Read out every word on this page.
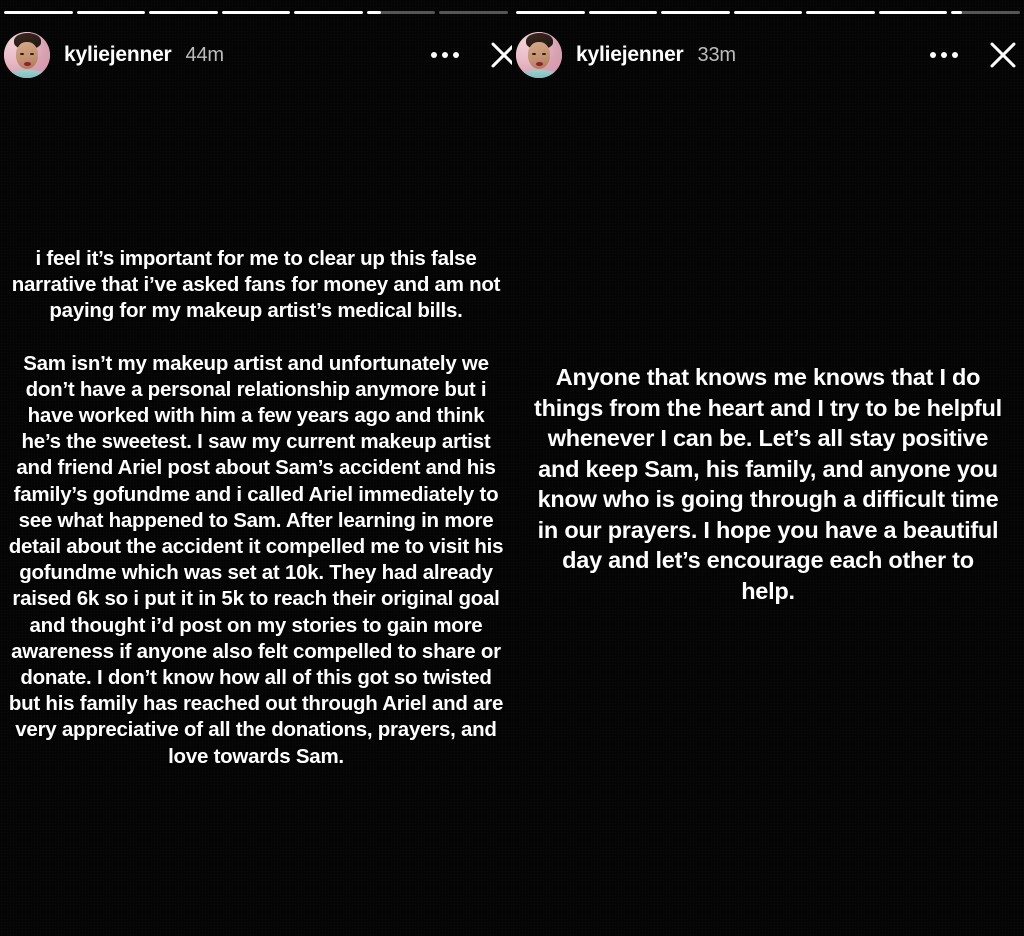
kyliejenner 44m

i feel it’s important for me to clear up this false narrative that i’ve asked fans for money and am not paying for my makeup artist’s medical bills.

Sam isn’t my makeup artist and unfortunately we don’t have a personal relationship anymore but i have worked with him a few years ago and think he’s the sweetest. I saw my current makeup artist and friend Ariel post about Sam’s accident and his family’s gofundme and i called Ariel immediately to see what happened to Sam. After learning in more detail about the accident it compelled me to visit his gofundme which was set at 10k. They had already raised 6k so i put it in 5k to reach their original goal and thought i’d post on my stories to gain more awareness if anyone also felt compelled to share or donate. I don’t know how all of this got so twisted but his family has reached out through Ariel and are very appreciative of all the donations, prayers, and love towards Sam.

kyliejenner 33m

Anyone that knows me knows that I do things from the heart and I try to be helpful whenever I can be. Let’s all stay positive and keep Sam, his family, and anyone you know who is going through a difficult time in our prayers. I hope you have a beautiful day and let’s encourage each other to help.
